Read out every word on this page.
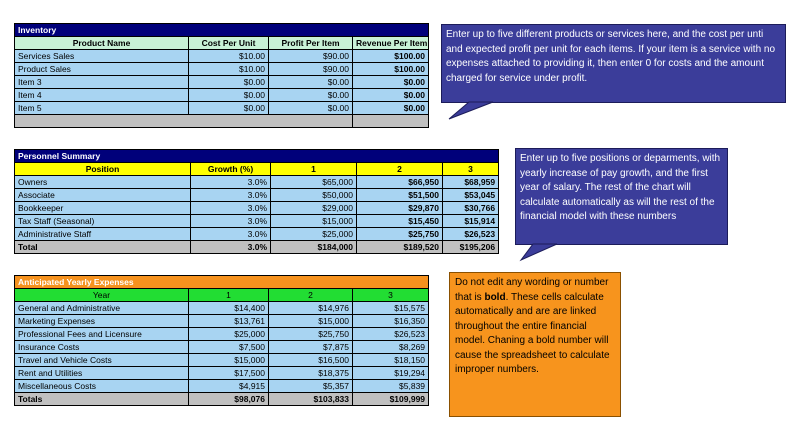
Inventory			
Product Name	Cost Per Unit	Profit Per Item	Revenue Per Item
Services Sales	$10.00	$90.00	$100.00
Product Sales	$10.00	$90.00	$100.00
Item 3	$0.00	$0.00	$0.00
Item 4	$0.00	$0.00	$0.00
Item 5	$0.00	$0.00	$0.00

Enter up to five different products or services here, and the cost per unti and expected profit per unit for each items. If your item is a service with no expenses attached to providing it, then enter 0 for costs and the amount charged for service under profit.
Personnel Summary				
Position	Growth (%)	1	2	3
Owners	3.0%	$65,000	$66,950	$68,959
Associate	3.0%	$50,000	$51,500	$53,045
Bookkeeper	3.0%	$29,000	$29,870	$30,766
Tax Staff (Seasonal)	3.0%	$15,000	$15,450	$15,914
Administrative Staff	3.0%	$25,000	$25,750	$26,523
Total	3.0%	$184,000	$189,520	$195,206
Enter up to five positions or deparments, with yearly increase of pay growth, and the first year of salary. The rest of the chart will calculate automatically as will the rest of the financial model with these numbers
Anticipated Yearly Expenses			
Year	1	2	3
General and Administrative	$14,400	$14,976	$15,575
Marketing Expenses	$13,761	$15,000	$16,350
Professional Fees and Licensure	$25,000	$25,750	$26,523
Insurance Costs	$7,500	$7,875	$8,269
Travel and Vehicle Costs	$15,000	$16,500	$18,150
Rent and Utilities	$17,500	$18,375	$19,294
Miscellaneous Costs	$4,915	$5,357	$5,839
Totals	$98,076	$103,833	$109,999
Do not edit any wording or number that is bold. These cells calculate automatically and are are linked throughout the entire financial model. Chaning a bold number will cause the spreadsheet to calculate improper numbers.
